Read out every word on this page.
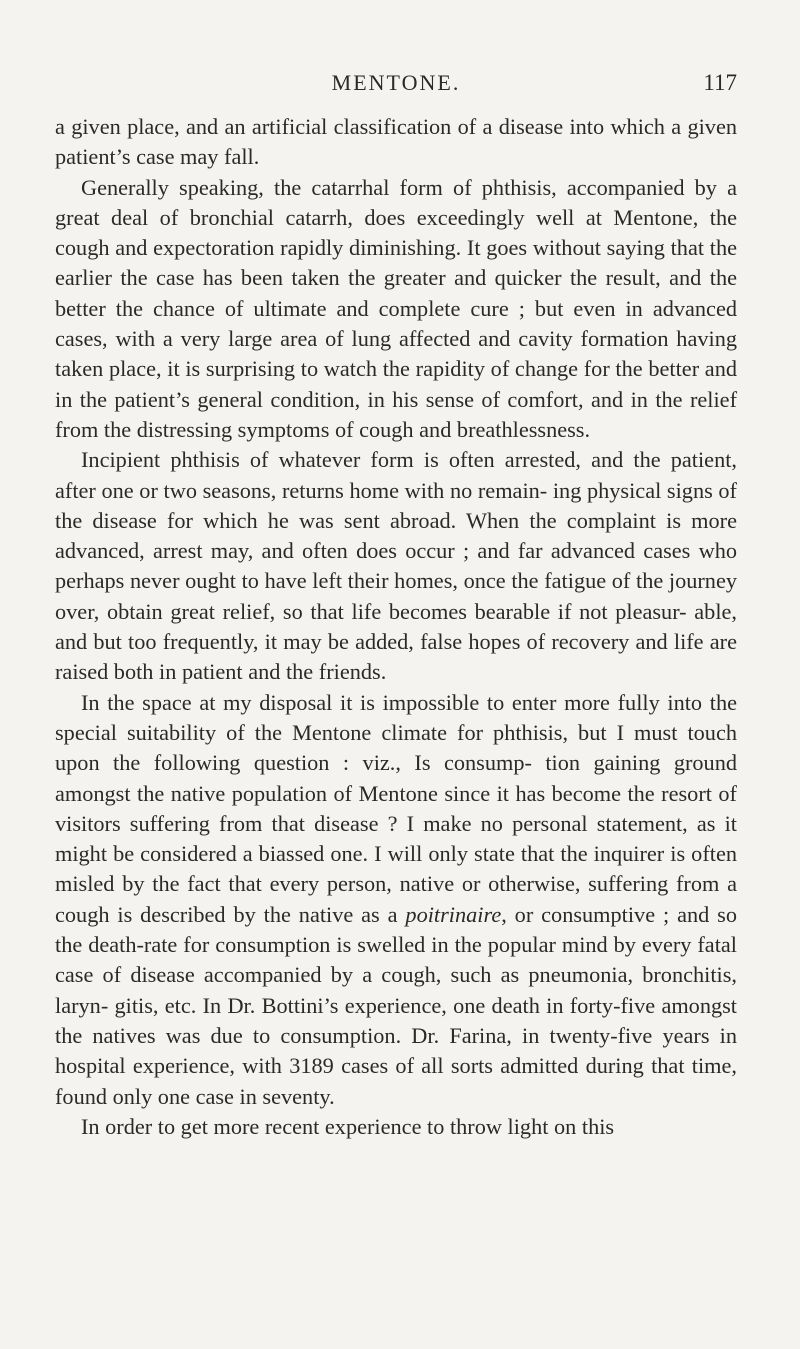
MENTONE.	117

a given place, and an artificial classification of a disease into which a given patient’s case may fall.

Generally speaking, the catarrhal form of phthisis, accompanied by a great deal of bronchial catarrh, does exceedingly well at Mentone, the cough and expectoration rapidly diminishing. It goes without saying that the earlier the case has been taken the greater and quicker the result, and the better the chance of ultimate and complete cure ; but even in advanced cases, with a very large area of lung affected and cavity formation having taken place, it is surprising to watch the rapidity of change for the better and in the patient’s general condition, in his sense of comfort, and in the relief from the distressing symptoms of cough and breathlessness.

Incipient phthisis of whatever form is often arrested, and the patient, after one or two seasons, returns home with no remain- ing physical signs of the disease for which he was sent abroad. When the complaint is more advanced, arrest may, and often does occur ; and far advanced cases who perhaps never ought to have left their homes, once the fatigue of the journey over, obtain great relief, so that life becomes bearable if not pleasur- able, and but too frequently, it may be added, false hopes of recovery and life are raised both in patient and the friends.

In the space at my disposal it is impossible to enter more fully into the special suitability of the Mentone climate for phthisis, but I must touch upon the following question : viz., Is consump- tion gaining ground amongst the native population of Mentone since it has become the resort of visitors suffering from that disease ? I make no personal statement, as it might be considered a biassed one. I will only state that the inquirer is often misled by the fact that every person, native or otherwise, suffering from a cough is described by the native as a poitrinaire, or consumptive ; and so the death-rate for consumption is swelled in the popular mind by every fatal case of disease accompanied by a cough, such as pneumonia, bronchitis, laryn- gitis, etc. In Dr. Bottini’s experience, one death in forty-five amongst the natives was due to consumption. Dr. Farina, in twenty-five years in hospital experience, with 3189 cases of all sorts admitted during that time, found only one case in seventy.

In order to get more recent experience to throw light on this
